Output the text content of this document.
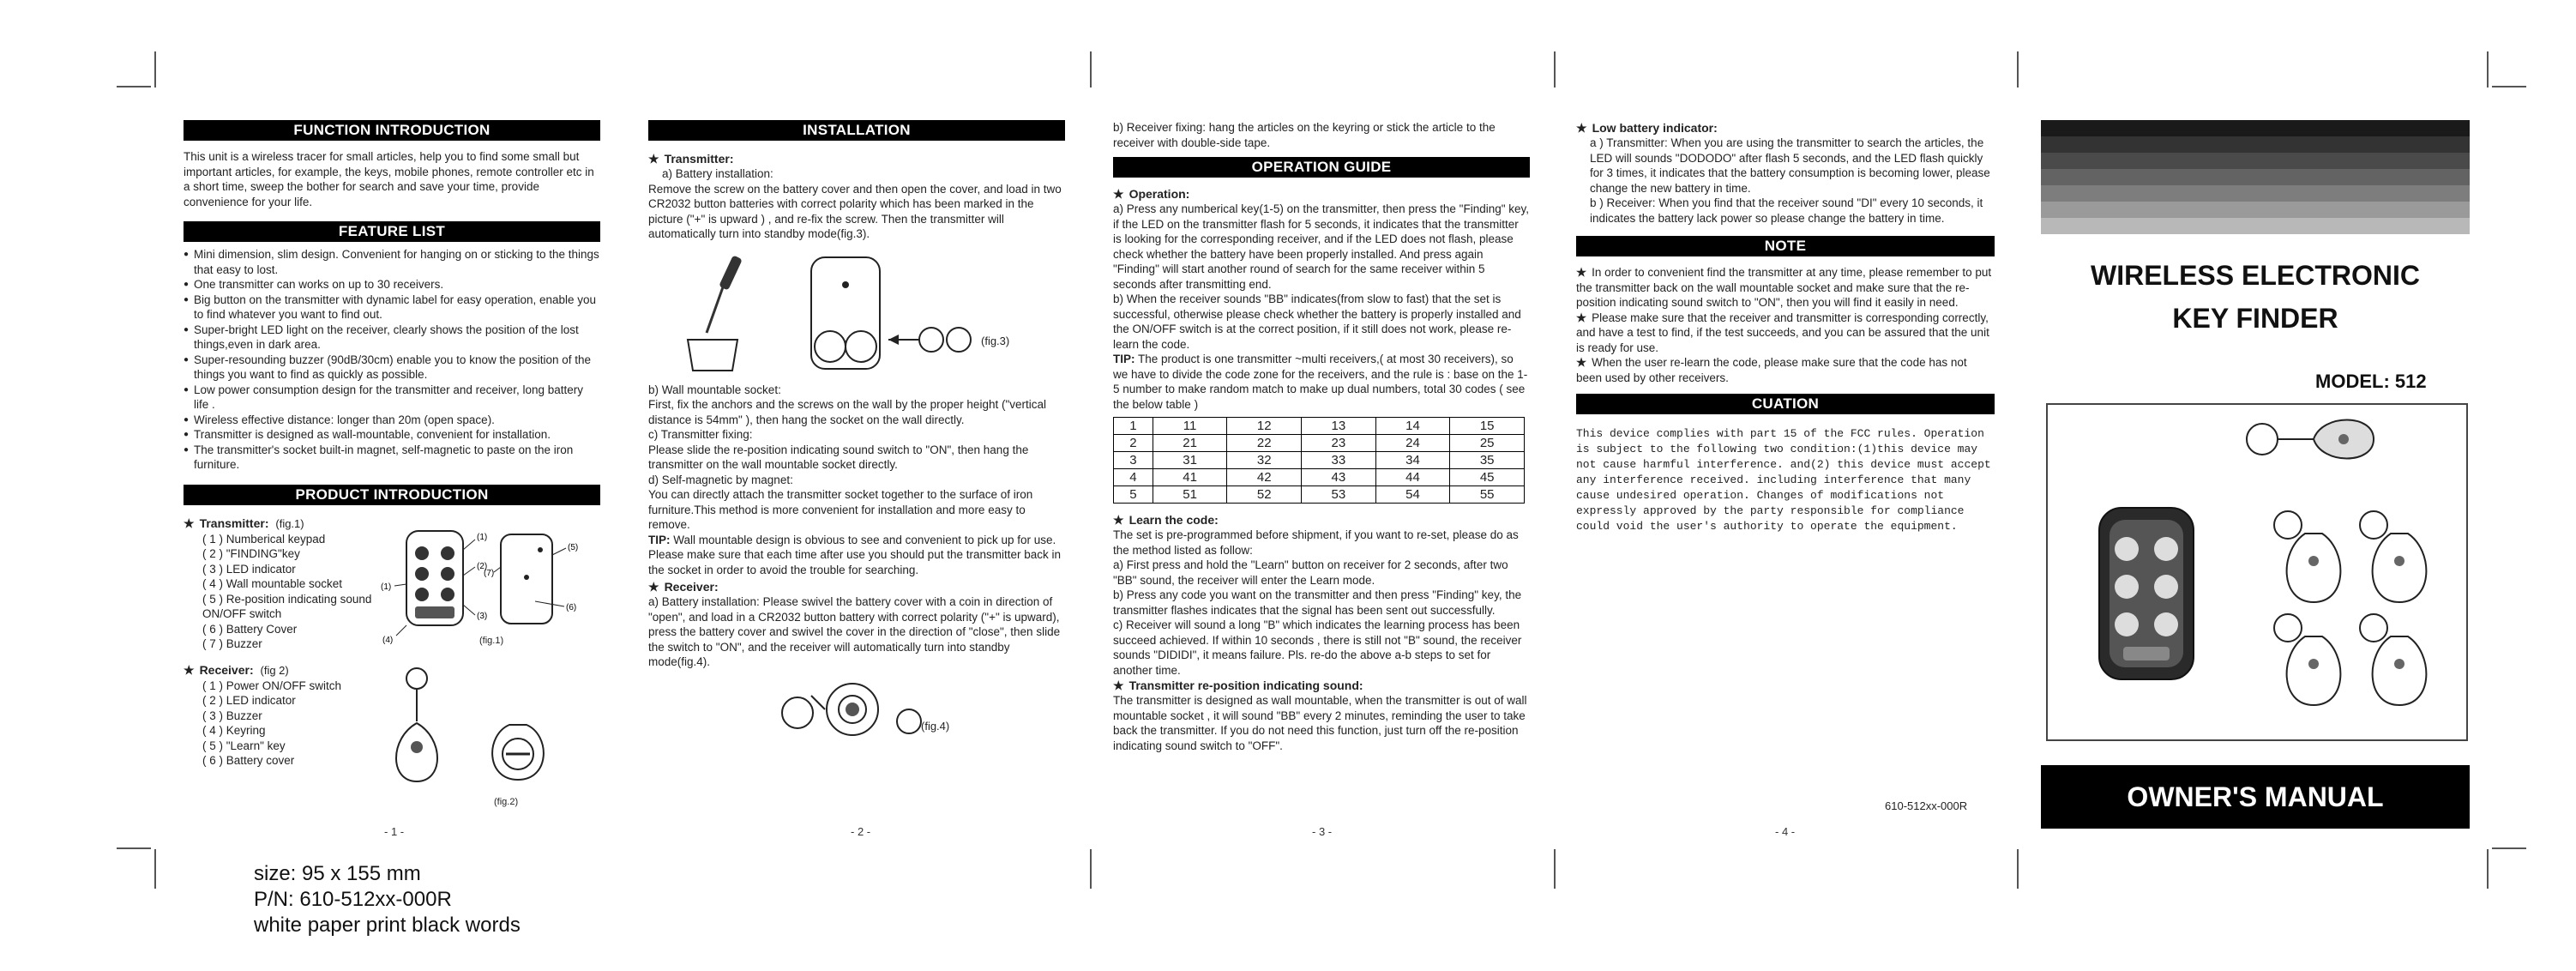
FUNCTION INTRODUCTION

This unit is a wireless tracer for small articles, help you to find some small but important articles, for example, the keys, mobile phones, remote controller etc in a short time, sweep the bother for search and save your time, provide convenience for your life.

FEATURE LIST
● Mini dimension, slim design. Convenient for hanging on or sticking to the things that easy to lost.
● One transmitter can works on up to 30 receivers.
● Big button on the transmitter with dynamic label for easy operation, enable you to find whatever you want to find out.
● Super-bright LED light on the receiver, clearly shows the position of the lost things,even in dark area.
● Super-resounding buzzer (90dB/30cm) enable you to know the position of the things you want to find as quickly as possible.
● Low power consumption design for the transmitter and receiver, long battery life .
● Wireless effective distance: longer than 20m (open space).
● Transmitter is designed as wall-mountable, convenient for installation.
● The transmitter's socket built-in magnet, self-magnetic to paste on the iron furniture.
PRODUCT INTRODUCTION

★ Transmitter: (fig.1)

( 1 ) Numberical keypad
( 2 ) "FINDING"key
( 3 ) LED indicator
( 4 ) Wall mountable socket
( 5 ) Re-position indicating sound ON/OFF switch
( 6 ) Battery Cover
( 7 ) Buzzer

★ Receiver: (fig 2)

( 1 ) Power ON/OFF switch
( 2 ) LED indicator
( 3 ) Buzzer
( 4 ) Keyring
( 5 ) "Learn" key
( 6 ) Battery cover
(1)
(2)
(3)
(1)
(4)
(5)
(6)
(7)
(fig.1)
(fig.2)
- 1 -
INSTALLATION

★ Transmitter:

a) Battery installation:

Remove the screw on the battery cover and then open the cover, and load in two CR2032 button batteries with correct polarity which has been marked in the picture ("+" is upward ) , and re-fix the screw. Then the transmitter will automatically turn into standby mode(fig.3).

(fig.3)

b) Wall mountable socket:

First, fix the anchors and the screws on the wall by the proper height ("vertical distance is 54mm" ), then hang the socket on the wall directly.

c) Transmitter fixing:

Please slide the re-position indicating sound switch to "ON", then hang the transmitter on the wall mountable socket directly.

d) Self-magnetic by magnet:

You can directly attach the transmitter socket together to the surface of iron furniture.This method is more convenient for installation and more easy to remove.

TIP: Wall mountable design is obvious to see and convenient to pick up for use. Please make sure that each time after use you should put the transmitter back in the socket in order to avoid the trouble for searching.

★ Receiver:

a) Battery installation: Please swivel the battery cover with a coin in direction of "open", and load in a CR2032 button battery with correct polarity ("+" is upward), press the battery cover and swivel the cover in the direction of "close", then slide the switch to "ON", and the receiver will automatically turn into standby mode(fig.4).

(fig.4)
- 2 -

b) Receiver fixing: hang the articles on the keyring or stick the article to the receiver with double-side tape.

OPERATION GUIDE

★ Operation:

a) Press any numberical key(1-5) on the transmitter, then press the "Finding" key, if the LED on the transmitter flash for 5 seconds, it indicates that the transmitter is looking for the corresponding receiver, and if the LED does not flash, please check whether the battery have been properly installed. And press again "Finding" will start another round of search for the same receiver within 5 seconds after transmitting end.

b) When the receiver sounds "BB" indicates(from slow to fast) that the set is successful, otherwise please check whether the battery is properly installed and the ON/OFF switch is at the correct position, if it still does not work, please re-learn the code.

TIP: The product is one transmitter ~multi receivers,( at most 30 receivers), so we have to divide the code zone for the receivers, and the rule is : base on the 1-5 number to make random match to make up dual numbers, total 30 codes ( see the below table )

1	11	12	13	14	15
2	21	22	23	24	25
3	31	32	33	34	35
4	41	42	43	44	45
5	51	52	53	54	55

★ Learn the code:

The set is pre-programmed before shipment, if you want to re-set, please do as the method listed as follow:

a) First press and hold the "Learn" button on receiver for 2 seconds, after two "BB" sound, the receiver will enter the Learn mode.

b) Press any code you want on the transmitter and then press "Finding" key, the transmitter flashes indicates that the signal has been sent out successfully.

c) Receiver will sound a long "B" which indicates the learning process has been succeed achieved. If within 10 seconds , there is still not "B" sound, the receiver sounds "DIDIDI", it means failure. Pls. re-do the above a-b steps to set for another time.

★ Transmitter re-position indicating sound:

The transmitter is designed as wall mountable, when the transmitter is out of wall mountable socket , it will sound "BB" every 2 minutes, reminding the user to take back the transmitter. If you do not need this function, just turn off the re-position indicating sound switch to "OFF".

- 3 -

★ Low battery indicator:

a ) Transmitter: When you are using the transmitter to search the articles, the LED will sounds "DODODO" after flash 5 seconds, and the LED flash quickly for 3 times, it indicates that the battery consumption is becoming lower, please change the new battery in time.

b ) Receiver: When you find that the receiver sound "DI" every 10 seconds, it indicates the battery lack power so please change the battery in time.

NOTE

★ In order to convenient find the transmitter at any time, please remember to put the transmitter back on the wall mountable socket and make sure that the re-position indicating sound switch to "ON", then you will find it easily in need.

★ Please make sure that the receiver and transmitter is corresponding correctly, and have a test to find, if the test succeeds, and you can be assured that the unit is ready for use.

★ When the user re-learn the code, please make sure that the code has not been used by other receivers.

CUATION

This device complies with part 15 of the FCC rules. Operation is subject to the following two condition:(1)this device may not cause harmful interference. and(2) this device must accept any interference received. including interference that many cause undesired operation. Changes of modifications not expressly approved by the party responsible for compliance could void the user's authority to operate the equipment.

610-512xx-000R
- 4 -
WIRELESS ELECTRONIC
KEY FINDER
MODEL: 512
OWNER'S MANUAL
size: 95 x 155 mm
P/N: 610-512xx-000R
white paper print black words
